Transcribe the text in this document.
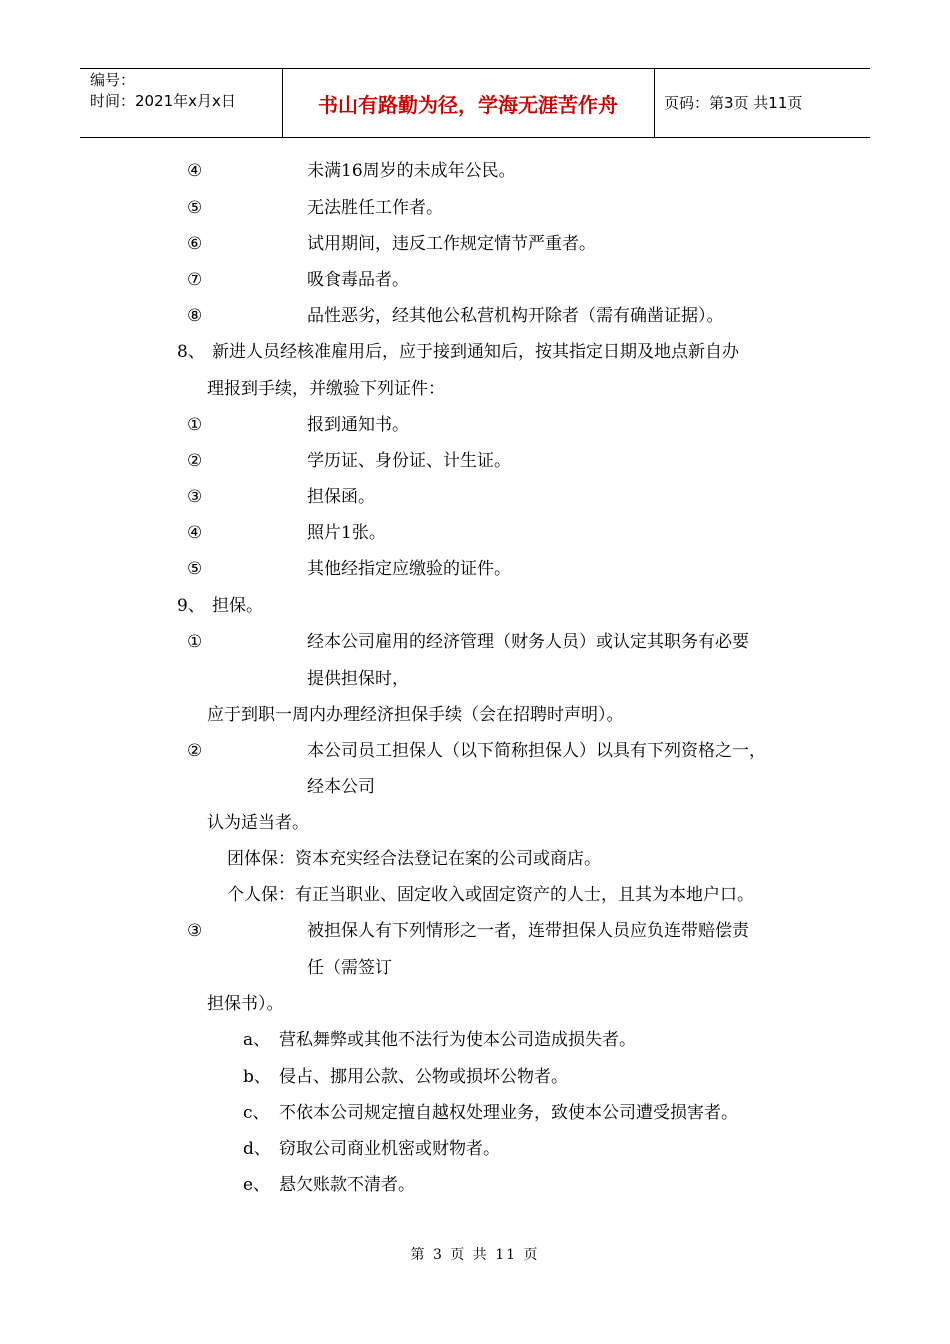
编号：
时间：2021年x月x日	书山有路勤为径，学海无涯苦作舟	页码：第3页 共11页
④	未满16周岁的未成年公民。
⑤	无法胜任工作者。
⑥	试用期间，违反工作规定情节严重者。
⑦	吸食毒品者。
⑧	品性恶劣，经其他公私营机构开除者（需有确凿证据）。
8、 新进人员经核准雇用后，应于接到通知后，按其指定日期及地点新自办
理报到手续，并缴验下列证件：
①	报到通知书。
②	学历证、身份证、计生证。
③	担保函。
④	照片1张。
⑤	其他经指定应缴验的证件。
9、 担保。
①	经本公司雇用的经济管理（财务人员）或认定其职务有必要
提供担保时，
应于到职一周内办理经济担保手续（会在招聘时声明）。
②	本公司员工担保人（以下简称担保人）以具有下列资格之一，
经本公司
认为适当者。
团体保：资本充实经合法登记在案的公司或商店。
个人保：有正当职业、固定收入或固定资产的人士，且其为本地户口。
③	被担保人有下列情形之一者，连带担保人员应负连带赔偿责
任（需签订
担保书）。
a、 营私舞弊或其他不法行为使本公司造成损失者。
b、 侵占、挪用公款、公物或损坏公物者。
c、 不依本公司规定擅自越权处理业务，致使本公司遭受损害者。
d、 窃取公司商业机密或财物者。
e、 悬欠账款不清者。
第 3 页 共 11 页
